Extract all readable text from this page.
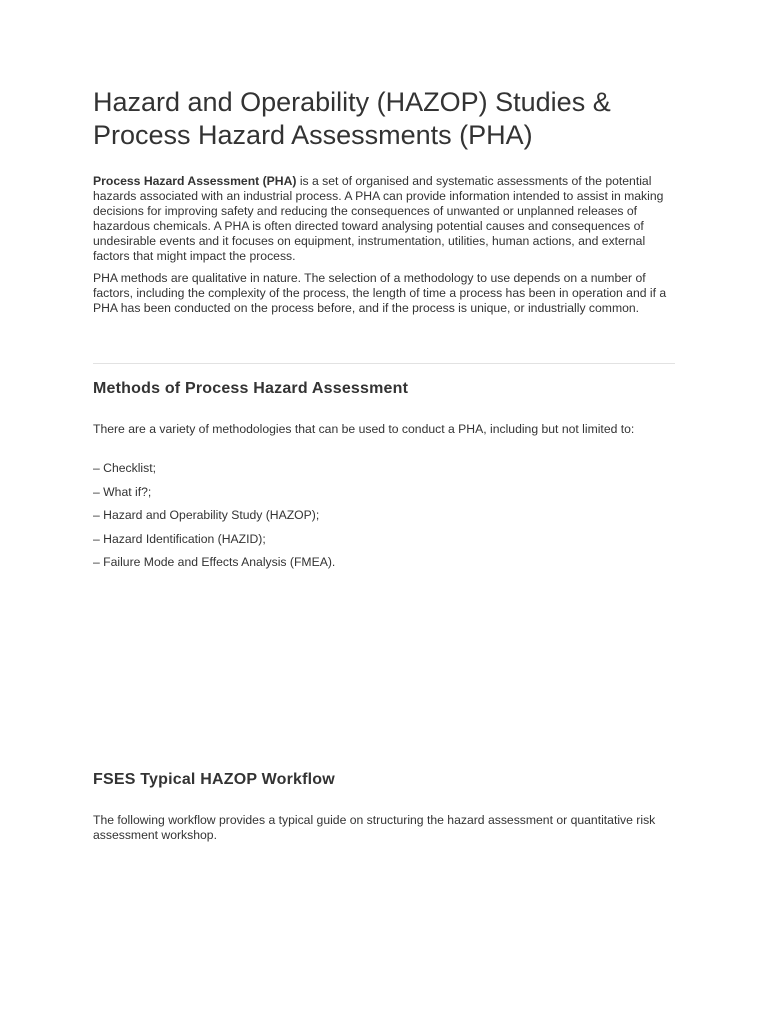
Hazard and Operability (HAZOP) Studies & Process Hazard Assessments (PHA)

Process Hazard Assessment (PHA) is a set of organised and systematic assessments of the potential hazards associated with an industrial process. A PHA can provide information intended to assist in making decisions for improving safety and reducing the consequences of unwanted or unplanned releases of hazardous chemicals. A PHA is often directed toward analysing potential causes and consequences of undesirable events and it focuses on equipment, instrumentation, utilities, human actions, and external factors that might impact the process.

PHA methods are qualitative in nature. The selection of a methodology to use depends on a number of factors, including the complexity of the process, the length of time a process has been in operation and if a PHA has been conducted on the process before, and if the process is unique, or industrially common.

Methods of Process Hazard Assessment

There are a variety of methodologies that can be used to conduct a PHA, including but not limited to:

– Checklist;
– What if?;
– Hazard and Operability Study (HAZOP);
– Hazard Identification (HAZID);
– Failure Mode and Effects Analysis (FMEA).
FSES Typical HAZOP Workflow

The following workflow provides a typical guide on structuring the hazard assessment or quantitative risk assessment workshop.
